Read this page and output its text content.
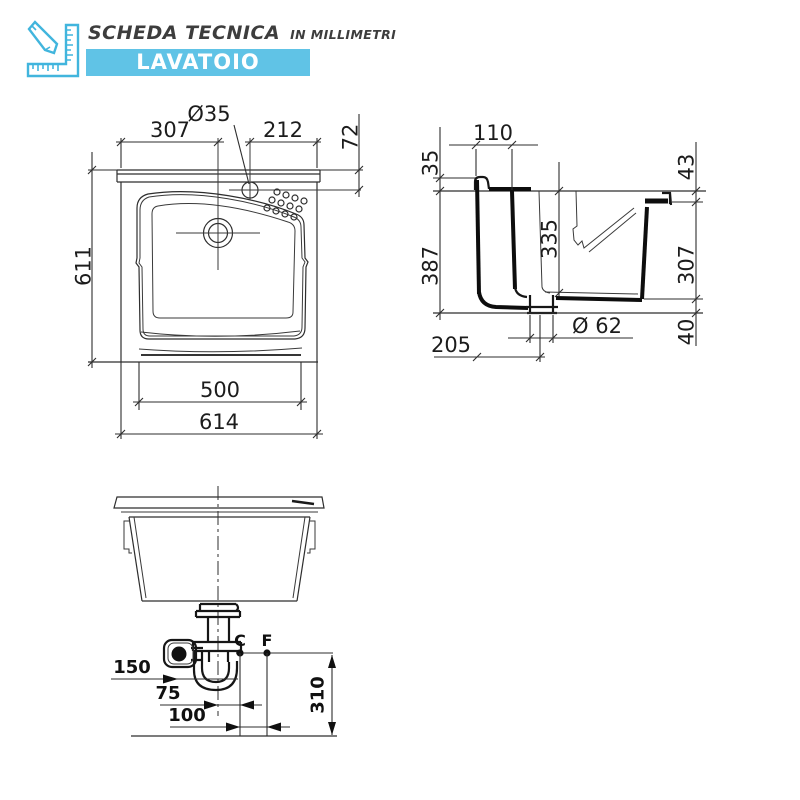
SCHEDA TECNICA IN MILLIMETRI
LAVATOIO
307	212
Ø35
72
611
500
614
110
35
387
335
43
307
40
Ø 62
205
C F
310
150
75
100
